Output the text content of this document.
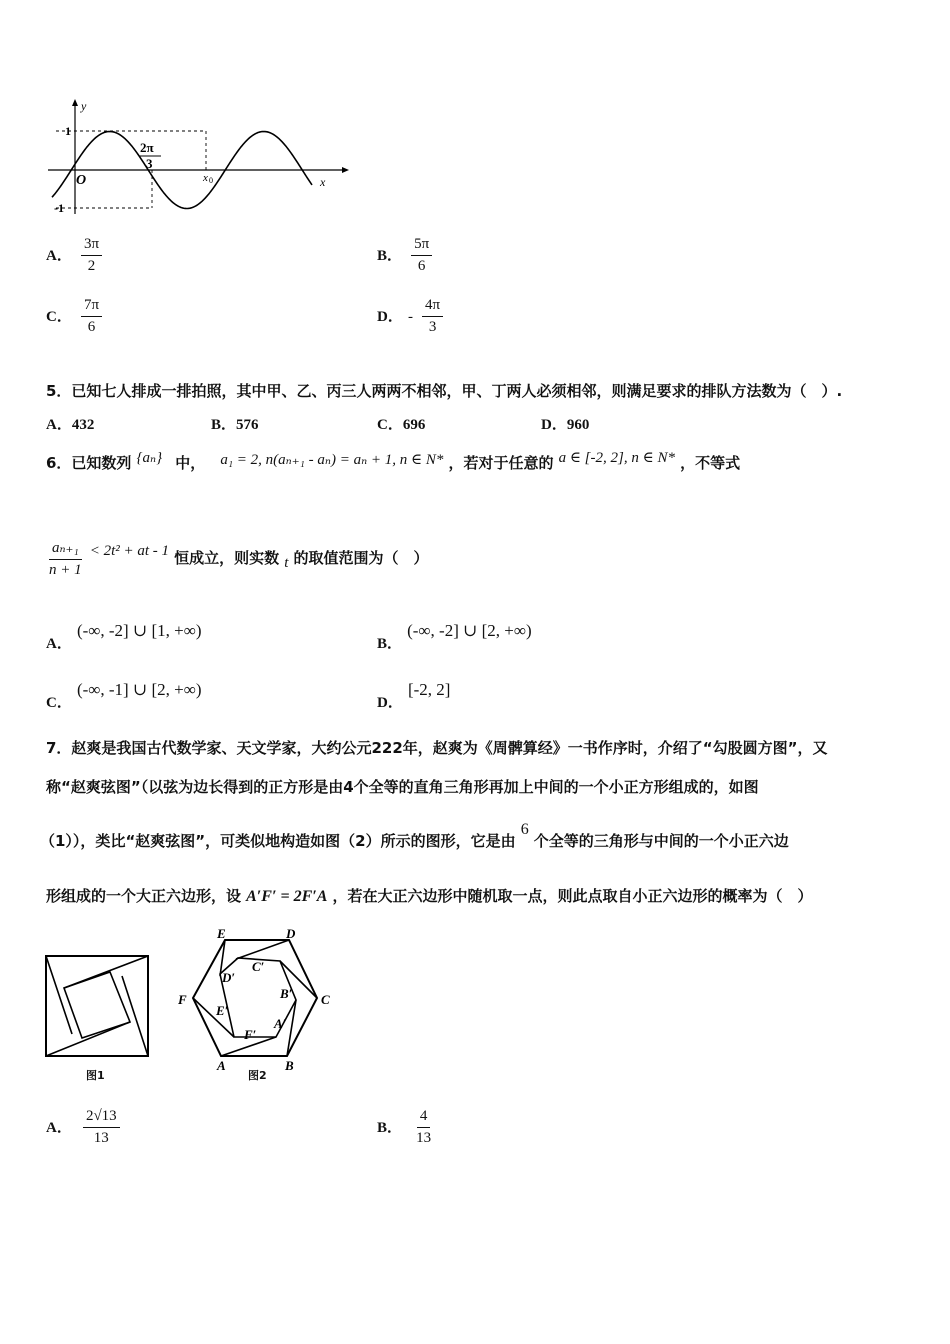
y
x
O
1
-1
2π
3
x 0
A． $\frac{3\pi}{2}$	B． $\frac{5\pi}{6}$
C． $\frac{7\pi}{6}$	D． - $\frac{4\pi}{3}$
5．已知七人排成一排拍照，其中甲、乙、丙三人两两不相邻，甲、丁两人必须相邻，则满足要求的排队方法数为（　）.
A．432	B．576	C．696	D．960
6．已知数列 {aₙ} 中， a₁ = 2, n(aₙ₊₁ - aₙ) = aₙ + 1, n ∈ N* ，若对于任意的 a ∈ [-2, 2], n ∈ N* ，不等式
$\frac{\text{aₙ₊₁}}{n + 1} < 2t^2$ + at - 1 恒成立，则实数 t 的取值范围为（　）
A． (-∞, -2] ∪ [1, +∞)
B． (-∞, -2] ∪ [2, +∞)
C． (-∞, -1] ∪ [2, +∞)
D． [-2, 2]
7．赵爽是我国古代数学家、天文学家，大约公元222年，赵爽为《周髀算经》一书作序时，介绍了“勾股圆方图”，又
称“赵爽弦图”（以弦为边长得到的正方形是由4个全等的直角三角形再加上中间的一个小正方形组成的，如图
（1）），类比“赵爽弦图”，可类似地构造如图（2）所示的图形，它是由 6 个全等的三角形与中间的一个小正六边
形组成的一个大正六边形，设 A′F′ = 2F′A ，若在大正六边形中随机取一点，则此点取自小正六边形的概率为（　）
图1
E	D
C
B
A
F
D′
C′
B′
A′
F′
E′
图2
A． $\frac{2√13}{13}$	B． $\frac{4}{13}$
